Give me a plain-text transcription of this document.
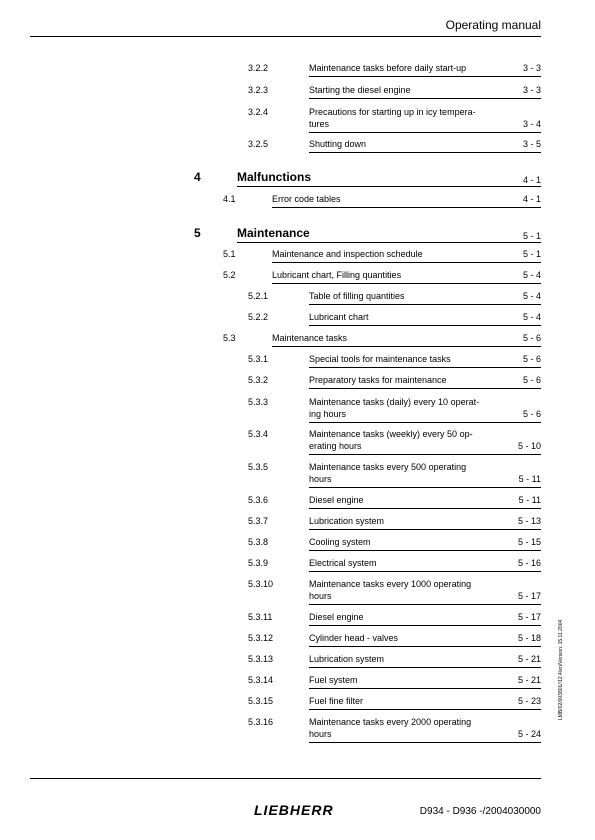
Operating manual
3.2.2	Maintenance tasks before daily start-up	3 - 3
3.2.3	Starting the diesel engine	3 - 3
3.2.4	Precautions for starting up in icy tempera-
tures	3 - 4
3.2.5	Shutting down	3 - 5
4	Malfunctions	4 - 1
4.1	Error code tables	4 - 1
5	Maintenance	5 - 1
5.1	Maintenance and inspection schedule	5 - 1
5.2	Lubricant chart, Filling quantities	5 - 4
5.2.1	Table of filling quantities	5 - 4
5.2.2	Lubricant chart	5 - 4
5.3	Maintenance tasks	5 - 6
5.3.1	Special tools for maintenance tasks	5 - 6
5.3.2	Preparatory tasks for maintenance	5 - 6
5.3.3	Maintenance tasks (daily) every 10 operat-
ing hours	5 - 6
5.3.4	Maintenance tasks (weekly) every 50 op-
erating hours	5 - 10
5.3.5	Maintenance tasks every 500 operating
hours	5 - 11
5.3.6	Diesel engine	5 - 11
5.3.7	Lubrication system	5 - 13
5.3.8	Cooling system	5 - 15
5.3.9	Electrical system	5 - 16
5.3.10	Maintenance tasks every 1000 operating
hours	5 - 17
5.3.11	Diesel engine	5 - 17
5.3.12	Cylinder head - valves	5 - 18
5.3.13	Lubrication system	5 - 21
5.3.14	Fuel system	5 - 21
5.3.15	Fuel fine filter	5 - 23
5.3.16	Maintenance tasks every 2000 operating
hours	5 - 24
LIEBHERR	D934 - D936 -/2004030000
LMB/02/003801//12.4/en/Version: 15.11.2004
